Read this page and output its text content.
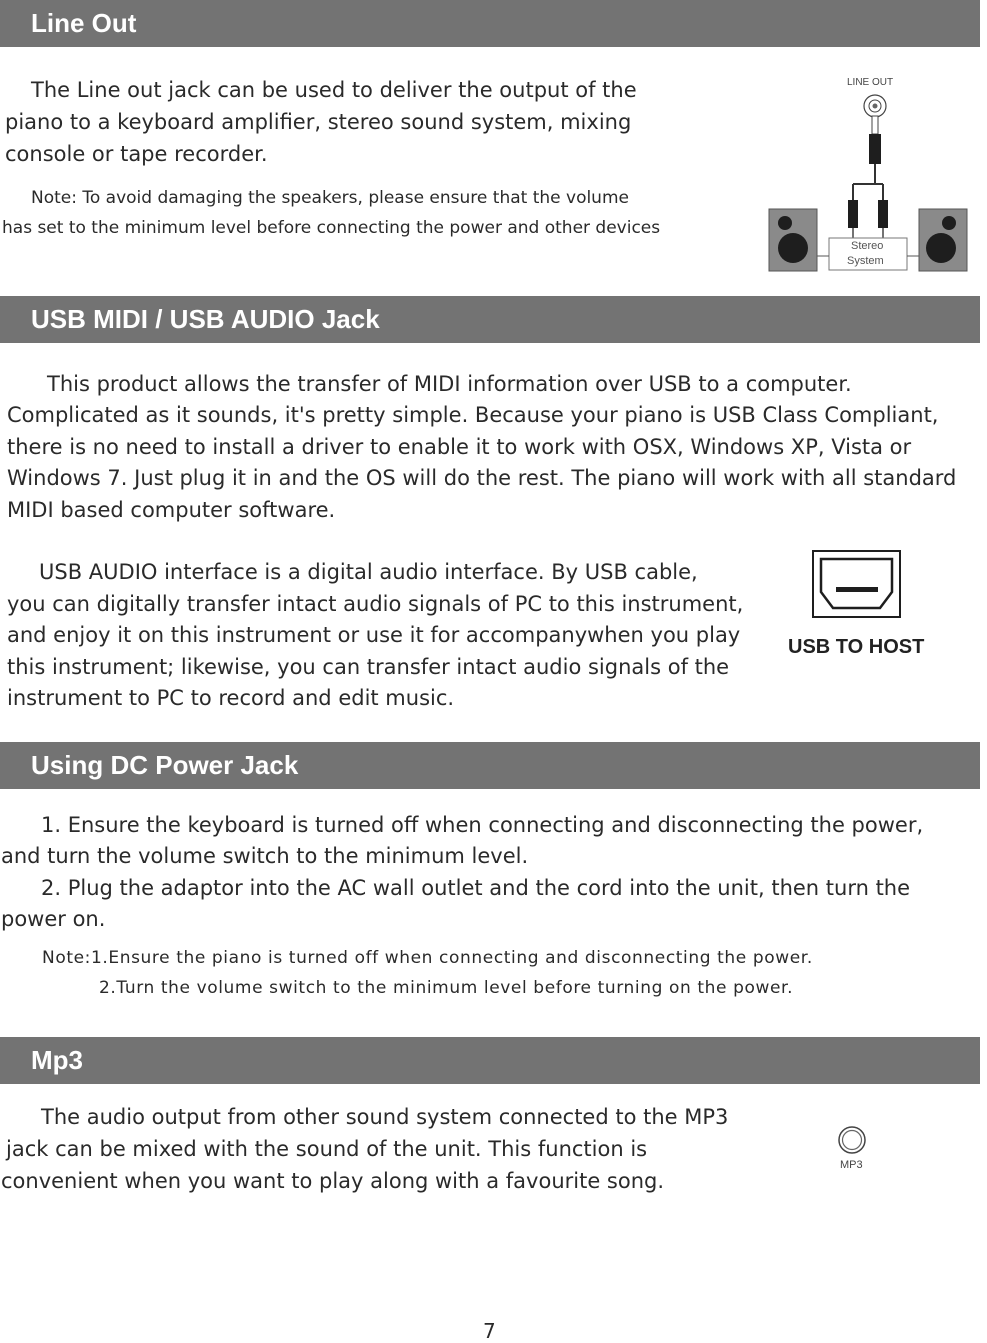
Line Out
The Line out jack can be used to deliver the output of the
piano to a keyboard amplifier, stereo sound system, mixing
console or tape recorder.
Note: To avoid damaging the speakers, please ensure that the volume
has set to the minimum level before connecting the power and other devices
LINE OUT
Stereo
System
USB MIDI / USB AUDIO Jack
This product allows the transfer of MIDI information over USB to a computer.
Complicated as it sounds, it's pretty simple. Because your piano is USB Class Compliant,
there is no need to install a driver to enable it to work with OSX, Windows XP, Vista or
Windows 7. Just plug it in and the OS will do the rest. The piano will work with all standard
MIDI based computer software.
USB AUDIO interface is a digital audio interface. By USB cable,
you can digitally transfer intact audio signals of PC to this instrument,
and enjoy it on this instrument or use it for accompanywhen you play
this instrument; likewise, you can transfer intact audio signals of the
instrument to PC to record and edit music.
USB TO HOST
Using DC Power Jack
1. Ensure the keyboard is turned off when connecting and disconnecting the power,
and turn the volume switch to the minimum level.
2. Plug the adaptor into the AC wall outlet and the cord into the unit, then turn the
power on.
Note:1.Ensure the piano is turned off when connecting and disconnecting the power.
2.Turn the volume switch to the minimum level before turning on the power.
Mp3
The audio output from other sound system connected to the MP3
jack can be mixed with the sound of the unit. This function is
convenient when you want to play along with a favourite song.
MP3
7
